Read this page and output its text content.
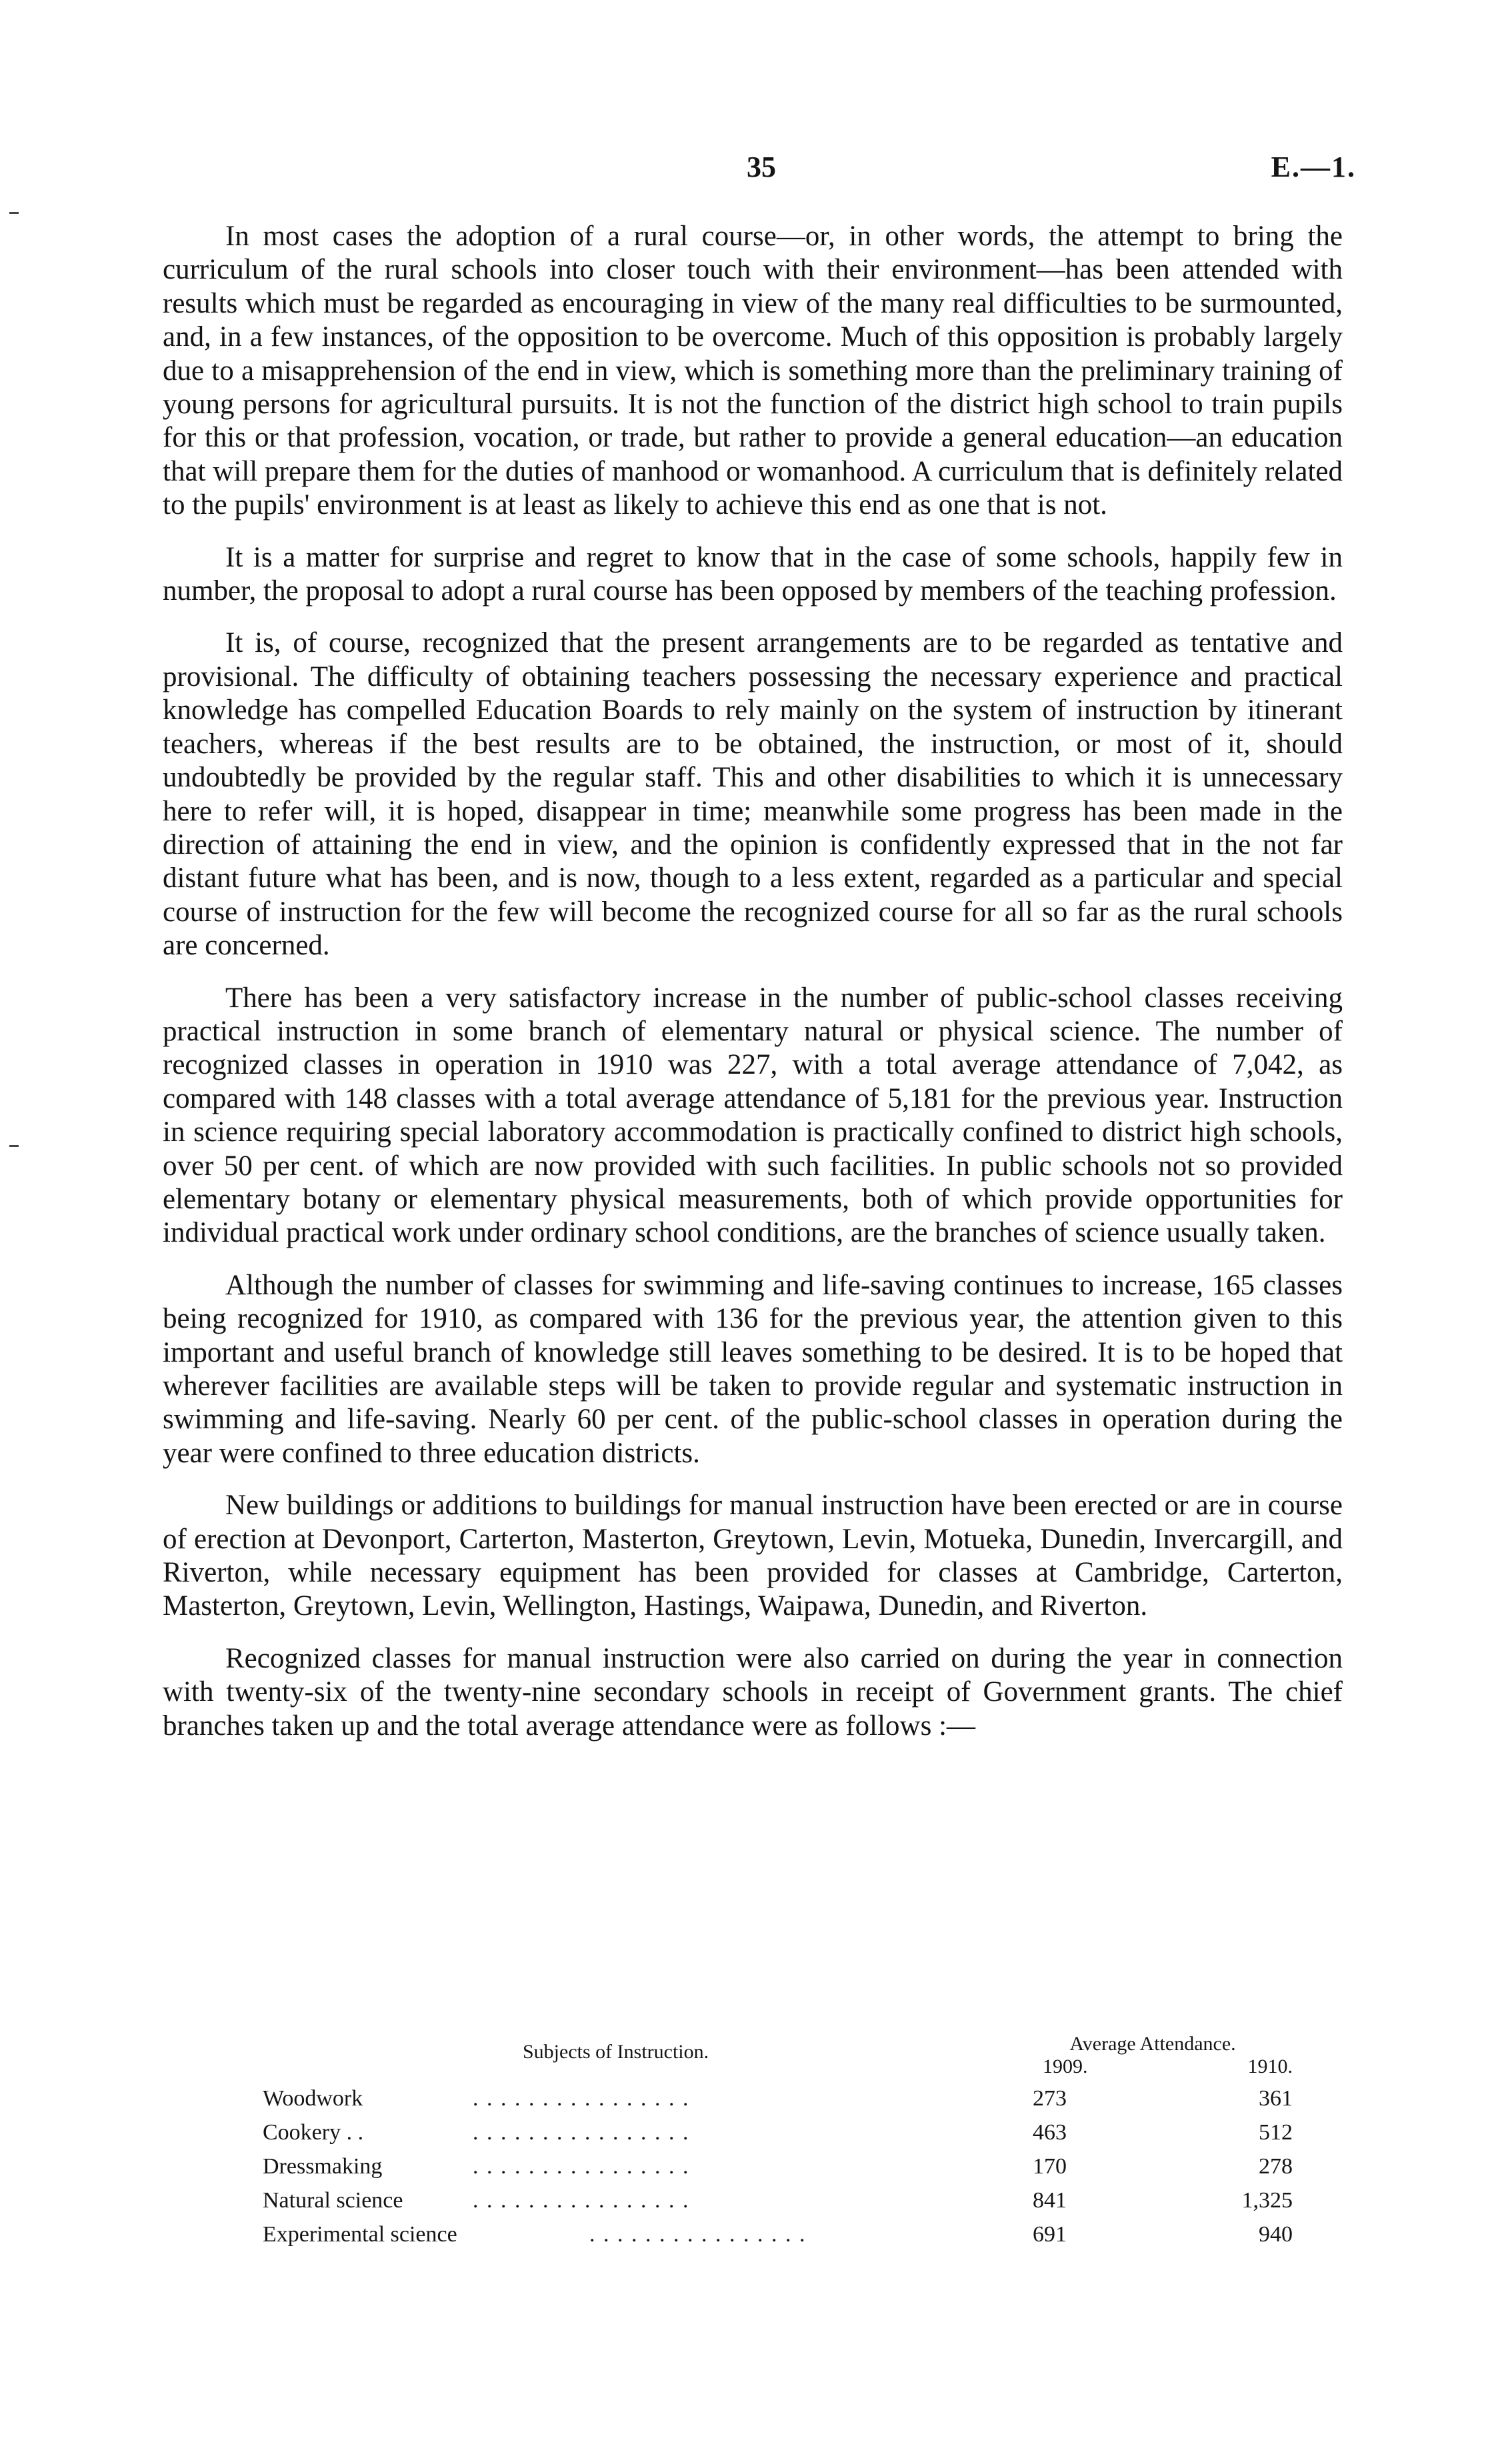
35	E.—1.

In most cases the adoption of a rural course—or, in other words, the attempt to bring the curriculum of the rural schools into closer touch with their environment—has been attended with results which must be regarded as encouraging in view of the many real difficulties to be surmounted, and, in a few instances, of the opposition to be overcome. Much of this opposition is probably largely due to a misapprehension of the end in view, which is something more than the preliminary training of young persons for agricultural pursuits. It is not the function of the district high school to train pupils for this or that profession, vocation, or trade, but rather to provide a general education—an education that will prepare them for the duties of manhood or womanhood. A curriculum that is definitely related to the pupils' environment is at least as likely to achieve this end as one that is not.

It is a matter for surprise and regret to know that in the case of some schools, happily few in number, the proposal to adopt a rural course has been opposed by members of the teaching profession.

It is, of course, recognized that the present arrangements are to be regarded as tentative and provisional. The difficulty of obtaining teachers possessing the necessary experience and practical knowledge has compelled Education Boards to rely mainly on the system of instruction by itinerant teachers, whereas if the best results are to be obtained, the instruction, or most of it, should undoubtedly be provided by the regular staff. This and other disabilities to which it is unnecessary here to refer will, it is hoped, disappear in time; meanwhile some progress has been made in the direction of attaining the end in view, and the opinion is confidently expressed that in the not far distant future what has been, and is now, though to a less extent, regarded as a particular and special course of instruction for the few will become the recognized course for all so far as the rural schools are concerned.

There has been a very satisfactory increase in the number of public-school classes receiving practical instruction in some branch of elementary natural or physical science. The number of recognized classes in operation in 1910 was 227, with a total average attendance of 7,042, as compared with 148 classes with a total average attendance of 5,181 for the previous year. Instruction in science requiring special laboratory accommodation is practically confined to district high schools, over 50 per cent. of which are now provided with such facilities. In public schools not so provided elementary botany or elementary physical measurements, both of which provide opportunities for individual practical work under ordinary school conditions, are the branches of science usually taken.

Although the number of classes for swimming and life-saving continues to increase, 165 classes being recognized for 1910, as compared with 136 for the previous year, the attention given to this important and useful branch of knowledge still leaves something to be desired. It is to be hoped that wherever facilities are available steps will be taken to provide regular and systematic instruction in swimming and life-saving. Nearly 60 per cent. of the public-school classes in operation during the year were confined to three education districts.

New buildings or additions to buildings for manual instruction have been erected or are in course of erection at Devonport, Carterton, Masterton, Greytown, Levin, Motueka, Dunedin, Invercargill, and Riverton, while necessary equipment has been provided for classes at Cambridge, Carterton, Masterton, Greytown, Levin, Wellington, Hastings, Waipawa, Dunedin, and Riverton.

Recognized classes for manual instruction were also carried on during the year in connection with twenty-six of the twenty-nine secondary schools in receipt of Government grants. The chief branches taken up and the total average attendance were as follows :—

Subjects of Instruction.	Average Attendance.
1909.	1910.
Woodwork	. . . . . . . . . . . . . . . .	273	361
Cookery . .	. . . . . . . . . . . . . . . .	463	512
Dressmaking	. . . . . . . . . . . . . . . .	170	278
Natural science	. . . . . . . . . . . . . . . .	841	1,325
Experimental science	. . . . . . . . . . . . . . . .	691	940
